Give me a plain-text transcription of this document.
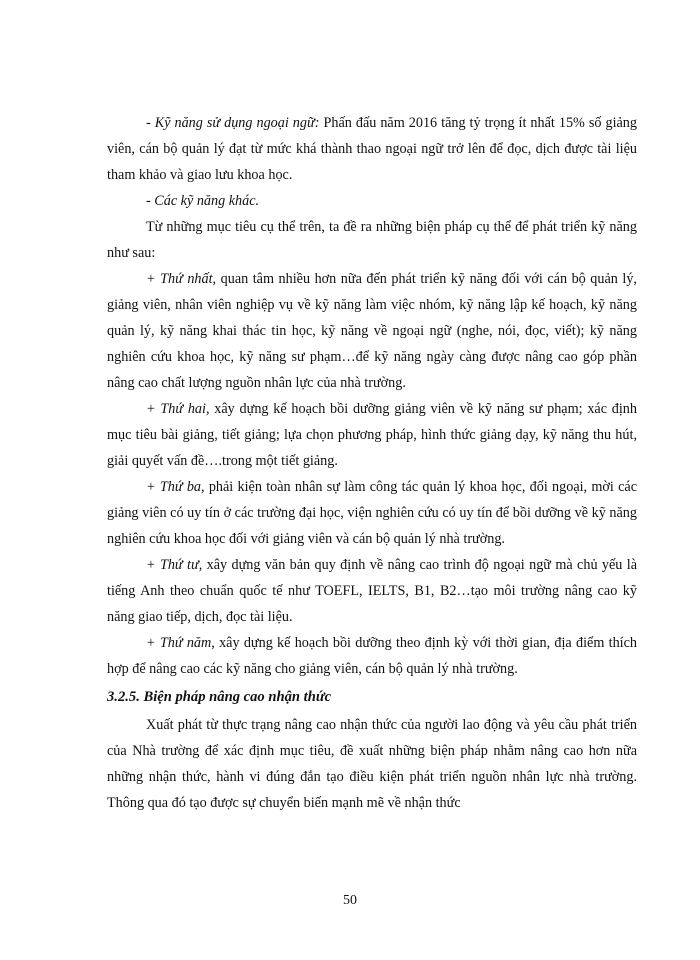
- Kỹ năng sử dụng ngoại ngữ: Phấn đấu năm 2016 tăng tỷ trọng ít nhất 15% số giảng viên, cán bộ quản lý đạt từ mức khá thành thao ngoại ngữ trở lên để đọc, dịch được tài liệu tham khảo và giao lưu khoa học.

- Các kỹ năng khác.

Từ những mục tiêu cụ thể trên, ta đề ra những biện pháp cụ thể để phát triển kỹ năng như sau:

+ Thứ nhất, quan tâm nhiều hơn nữa đến phát triển kỹ năng đối với cán bộ quản lý, giảng viên, nhân viên nghiệp vụ về kỹ năng làm việc nhóm, kỹ năng lập kế hoạch, kỹ năng quản lý, kỹ năng khai thác tin học, kỹ năng về ngoại ngữ (nghe, nói, đọc, viết); kỹ năng nghiên cứu khoa học, kỹ năng sư phạm…để kỹ năng ngày càng được nâng cao góp phần nâng cao chất lượng nguồn nhân lực của nhà trường.

+ Thứ hai, xây dựng kế hoạch bồi dưỡng giảng viên về kỹ năng sư phạm; xác định mục tiêu bài giảng, tiết giảng; lựa chọn phương pháp, hình thức giảng dạy, kỹ năng thu hút, giải quyết vấn đề….trong một tiết giảng.

+ Thứ ba, phải kiện toàn nhân sự làm công tác quản lý khoa học, đối ngoại, mời các giảng viên có uy tín ở các trường đại học, viện nghiên cứu có uy tín để bồi dưỡng về kỹ năng nghiên cứu khoa học đối với giảng viên và cán bộ quản lý nhà trường.

+ Thứ tư, xây dựng văn bản quy định về nâng cao trình độ ngoại ngữ mà chủ yếu là tiếng Anh theo chuẩn quốc tế như TOEFL, IELTS, B1, B2…tạo môi trường nâng cao kỹ năng giao tiếp, dịch, đọc tài liệu.

+ Thứ năm, xây dựng kế hoạch bồi dưỡng theo định kỳ với thời gian, địa điểm thích hợp để nâng cao các kỹ năng cho giảng viên, cán bộ quản lý nhà trường.

3.2.5. Biện pháp nâng cao nhận thức

Xuất phát từ thực trạng nâng cao nhận thức của người lao động và yêu cầu phát triển của Nhà trường để xác định mục tiêu, đề xuất những biện pháp nhằm nâng cao hơn nữa những nhận thức, hành vi đúng đắn tạo điều kiện phát triển nguồn nhân lực nhà trường. Thông qua đó tạo được sự chuyển biến mạnh mẽ về nhận thức

50
